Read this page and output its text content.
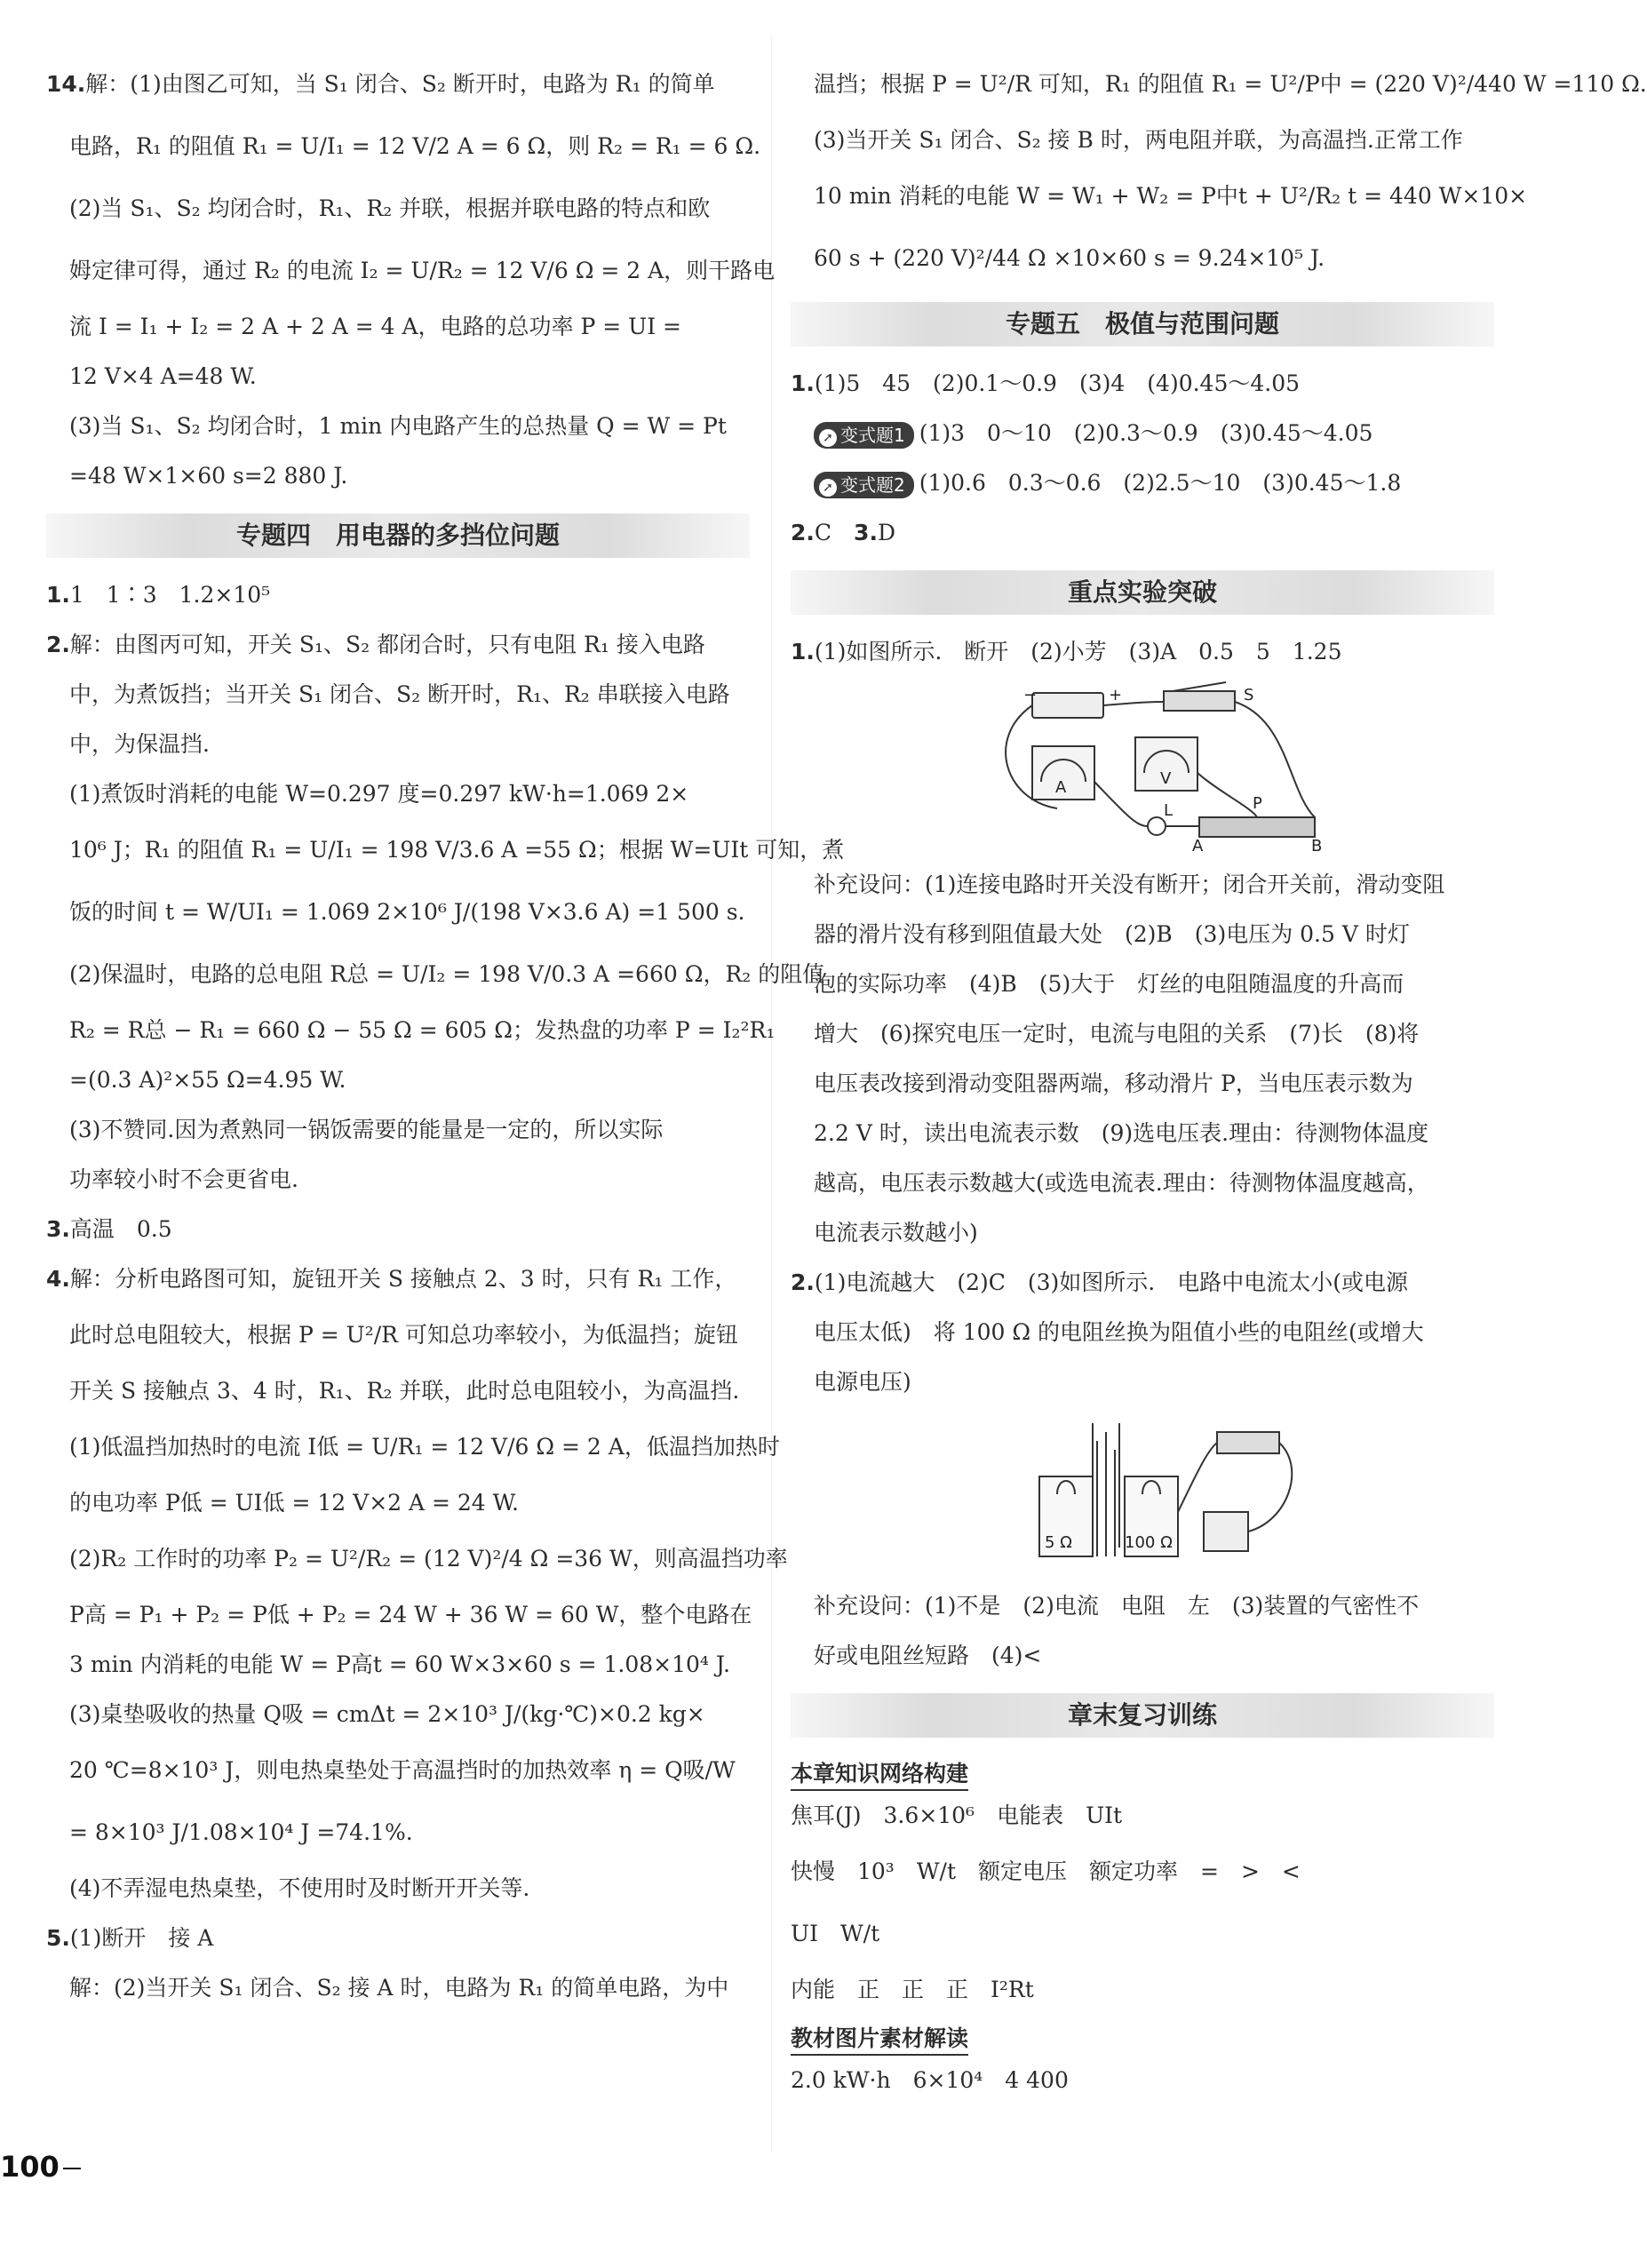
14.解：(1)由图乙可知，当 S₁ 闭合、S₂ 断开时，电路为 R₁ 的简单
电路，R₁ 的阻值 R₁ = U/I₁ = 12 V/2 A = 6 Ω，则 R₂ = R₁ = 6 Ω.
(2)当 S₁、S₂ 均闭合时，R₁、R₂ 并联，根据并联电路的特点和欧
姆定律可得，通过 R₂ 的电流 I₂ = U/R₂ = 12 V/6 Ω = 2 A，则干路电
流 I = I₁ + I₂ = 2 A + 2 A = 4 A，电路的总功率 P = UI =
12 V×4 A=48 W.
(3)当 S₁、S₂ 均闭合时，1 min 内电路产生的总热量 Q = W = Pt
=48 W×1×60 s=2 880 J.
专题四　用电器的多挡位问题
1.1　1∶3　1.2×10⁵
2.解：由图丙可知，开关 S₁、S₂ 都闭合时，只有电阻 R₁ 接入电路
中，为煮饭挡；当开关 S₁ 闭合、S₂ 断开时，R₁、R₂ 串联接入电路
中，为保温挡.
(1)煮饭时消耗的电能 W=0.297 度=0.297 kW·h=1.069 2×
10⁶ J；R₁ 的阻值 R₁ = U/I₁ = 198 V/3.6 A =55 Ω；根据 W=UIt 可知，煮
饭的时间 t = W/UI₁ = 1.069 2×10⁶ J/(198 V×3.6 A) =1 500 s.
(2)保温时，电路的总电阻 R总 = U/I₂ = 198 V/0.3 A =660 Ω，R₂ 的阻值
R₂ = R总 − R₁ = 660 Ω − 55 Ω = 605 Ω；发热盘的功率 P = I₂²R₁
=(0.3 A)²×55 Ω=4.95 W.
(3)不赞同.因为煮熟同一锅饭需要的能量是一定的，所以实际
功率较小时不会更省电.
3.高温　0.5
4.解：分析电路图可知，旋钮开关 S 接触点 2、3 时，只有 R₁ 工作，
此时总电阻较大，根据 P = U²/R 可知总功率较小，为低温挡；旋钮
开关 S 接触点 3、4 时，R₁、R₂ 并联，此时总电阻较小，为高温挡.
(1)低温挡加热时的电流 I低 = U/R₁ = 12 V/6 Ω = 2 A，低温挡加热时
的电功率 P低 = UI低 = 12 V×2 A = 24 W.
(2)R₂ 工作时的功率 P₂ = U²/R₂ = (12 V)²/4 Ω =36 W，则高温挡功率
P高 = P₁ + P₂ = P低 + P₂ = 24 W + 36 W = 60 W，整个电路在
3 min 内消耗的电能 W = P高t = 60 W×3×60 s = 1.08×10⁴ J.
(3)桌垫吸收的热量 Q吸 = cmΔt = 2×10³ J/(kg·℃)×0.2 kg×
20 ℃=8×10³ J，则电热桌垫处于高温挡时的加热效率 η = Q吸/W
= 8×10³ J/1.08×10⁴ J =74.1%.
(4)不弄湿电热桌垫，不使用时及时断开开关等.
5.(1)断开　接 A
解：(2)当开关 S₁ 闭合、S₂ 接 A 时，电路为 R₁ 的简单电路，为中
温挡；根据 P = U²/R 可知，R₁ 的阻值 R₁ = U²/P中 = (220 V)²/440 W =110 Ω.
(3)当开关 S₁ 闭合、S₂ 接 B 时，两电阻并联，为高温挡.正常工作
10 min 消耗的电能 W = W₁ + W₂ = P中t + U²/R₂ t = 440 W×10×
60 s + (220 V)²/44 Ω ×10×60 s = 9.24×10⁵ J.
专题五　极值与范围问题
1.(1)5　45　(2)0.1～0.9　(3)4　(4)0.45～4.05
➚ 变式题1 (1)3　0～10　(2)0.3～0.9　(3)0.45～4.05
➚ 变式题2 (1)0.6　0.3～0.6　(2)2.5～10　(3)0.45～1.8
2.C　3.D
重点实验突破
1.(1)如图所示.　断开　(2)小芳　(3)A　0.5　5　1.25
−	+	S
A	V
L	P
A	B
补充设问：(1)连接电路时开关没有断开；闭合开关前，滑动变阻
器的滑片没有移到阻值最大处　(2)B　(3)电压为 0.5 V 时灯
泡的实际功率　(4)B　(5)大于　灯丝的电阻随温度的升高而
增大　(6)探究电压一定时，电流与电阻的关系　(7)长　(8)将
电压表改接到滑动变阻器两端，移动滑片 P，当电压表示数为
2.2 V 时，读出电流表示数　(9)选电压表.理由：待测物体温度
越高，电压表示数越大(或选电流表.理由：待测物体温度越高，
电流表示数越小)
2.(1)电流越大　(2)C　(3)如图所示.　电路中电流太小(或电源
电压太低)　将 100 Ω 的电阻丝换为阻值小些的电阻丝(或增大
电源电压)
5 Ω	100 Ω
补充设问：(1)不是　(2)电流　电阻　左　(3)装置的气密性不
好或电阻丝短路　(4)<
章末复习训练
本章知识网络构建
焦耳(J)　3.6×10⁶　电能表　UIt
快慢　10³　W/t　额定电压　额定功率　=　>　<
UI　W/t
内能　正　正　正　I²Rt
教材图片素材解读
2.0 kW·h　6×10⁴　4 400
100
